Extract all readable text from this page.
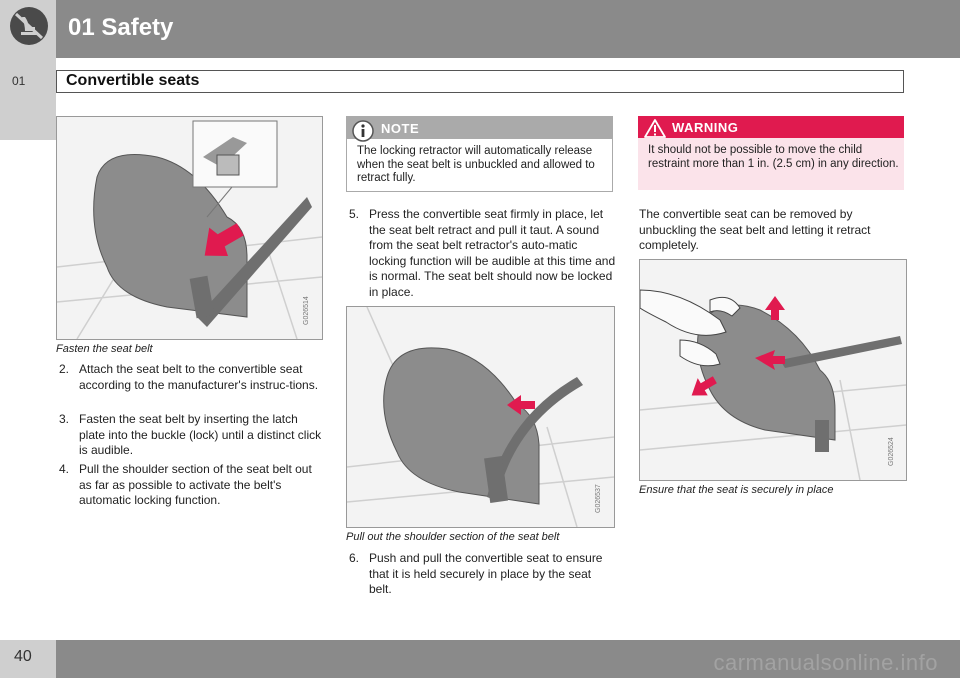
01 Safety
01	Convertible seats
G026514
Fasten the seat belt
2. Attach the seat belt to the convertible seat according to the manufacturer's instruc-tions.
3. Fasten the seat belt by inserting the latch plate into the buckle (lock) until a distinct click is audible.
4. Pull the shoulder section of the seat belt out as far as possible to activate the belt's automatic locking function.
NOTE
The locking retractor will automatically release when the seat belt is unbuckled and allowed to retract fully.
5. Press the convertible seat firmly in place, let the seat belt retract and pull it taut. A sound from the seat belt retractor's auto-matic locking function will be audible at this time and is normal. The seat belt should now be locked in place.
G026537
Pull out the shoulder section of the seat belt
6. Push and pull the convertible seat to ensure that it is held securely in place by the seat belt.
WARNING
It should not be possible to move the child restraint more than 1 in. (2.5 cm) in any direction.
The convertible seat can be removed by unbuckling the seat belt and letting it retract completely.
G026524
Ensure that the seat is securely in place
40	carmanualsonline.info
